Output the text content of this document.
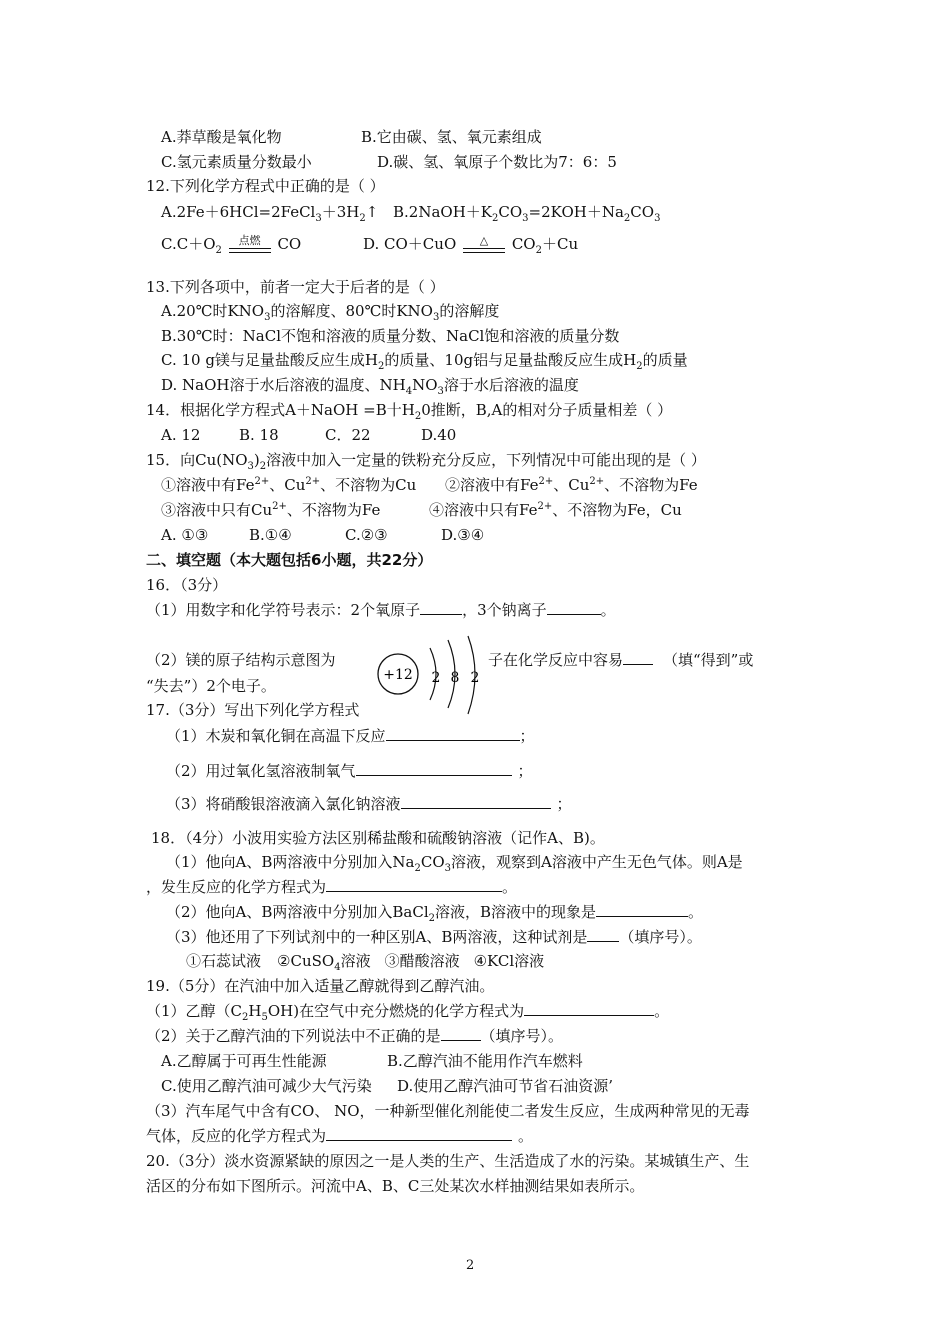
A.莽草酸是氧化物	B.它由碳、氢、氧元素组成
C.氢元素质量分数最小	D.碳、氢、氧原子个数比为7：6：5
12.下列化学方程式中正确的是（ ）
$A.2Fe+6HCl=2FeCl_3+3H_2↑$ $B.2NaOH+K_2CO_3=2KOH+Na_2CO_3$
$C.C+O_2$
点燃	CO	D. CO＋CuO	△	$CO_2+Cu$
13.下列各项中，前者一定大于后者的是（ ）
A.20℃时$KNO_3$的溶解度、80℃时$KNO_3$的溶解度
B.30℃时：NaCl不饱和溶液的质量分数、NaCl饱和溶液的质量分数
C. 10 g镁与足量盐酸反应生成$H_2$的质量、10g铝与足量盐酸反应生成$H_2$的质量
D. NaOH溶于水后溶液的温度、$NH_4NO_3$溶于水后溶液的温度
14．根据化学方程式A＋NaOH =B十$H_20$推断，B,A的相对分子质量相差（ ）
A. 12	B. 18	C．22	D.40
15．向$Cu(NO_3)_2$溶液中加入一定量的铁粉充分反应，下列情况中可能出现的是（ ）
①溶液中有$Fe^{2+}$、$Cu^{2+}$、不溶物为Cu ②溶液中有$Fe^{2+}$、$Cu^{2+}$、不溶物为Fe
③溶液中只有$Cu^{2+}$、不溶物为Fe	④溶液中只有$Fe^{2+}$、不溶物为Fe，Cu
A. ①③	B.①④	C.②③	D.③④
二、填空题（本大题包括6小题，共22分）
16．（3分）
（1）用数字和化学符号表示：2个氧原子	，3个钠离子	。
（2）镁的原子结构示意图为	子在化学反应中容易	（填“得到”或
“失去”）2个电子。
+12 2 8 2
17.（3分）写出下列化学方程式
（1）木炭和氧化铜在高温下反应	；
（2）用过氧化氢溶液制氧气	；
（3）将硝酸银溶液滴入氯化钠溶液	；
18．（4分）小波用实验方法区别稀盐酸和硫酸钠溶液（记作A、B)。
（1）他向A、B两溶液中分别加入$Na_2CO_3$溶液，观察到A溶液中产生无色气体。则A是
，发生反应的化学方程式为	。
（2）他向A、B两溶液中分别加入BaCl$_2$溶液，B溶液中的现象是	。
（3）他还用了下列试剂中的一种区别A、B两溶液，这种试剂是 （填序号）。
①石蕊试液 ②CuSO$_4$溶液 ③醋酸溶液 ④KCl溶液
19.（5分）在汽油中加入适量乙醇就得到乙醇汽油。
（1）乙醇$(C_2H_5OH)$在空气中充分燃烧的化学方程式为	。
（2）关于乙醇汽油的下列说法中不正确的是	（填序号）。
A.乙醇属于可再生性能源	B.乙醇汽油不能用作汽车燃料
C.使用乙醇汽油可减少大气污染 D.使用乙醇汽油可节省石油资源’
（3）汽车尾气中含有CO、 NO，一种新型催化剂能使二者发生反应，生成两种常见的无毒
气体，反应的化学方程式为	。
20.（3分）淡水资源紧缺的原因之一是人类的生产、生活造成了水的污染。某城镇生产、生
活区的分布如下图所示。河流中A、B、C三处某次水样抽测结果如表所示。
2
